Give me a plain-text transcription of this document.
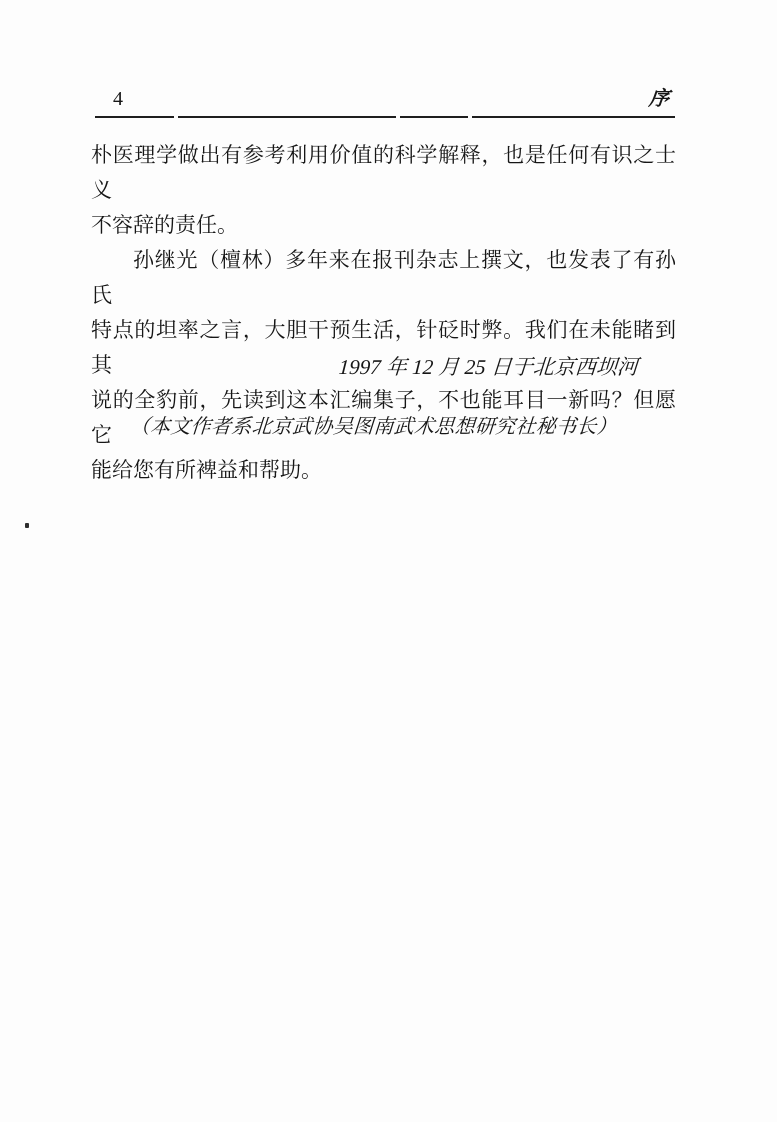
4	序
朴医理学做出有参考利用价值的科学解释，也是任何有识之士义
不容辞的责任。
孙继光（檀林）多年来在报刊杂志上撰文，也发表了有孙氏
特点的坦率之言，大胆干预生活，针砭时弊。我们在未能睹到其
说的全豹前，先读到这本汇编集子，不也能耳目一新吗？但愿它
能给您有所裨益和帮助。
1997 年 12 月 25 日于北京西坝河
（本文作者系北京武协吴图南武术思想研究社秘书长）
